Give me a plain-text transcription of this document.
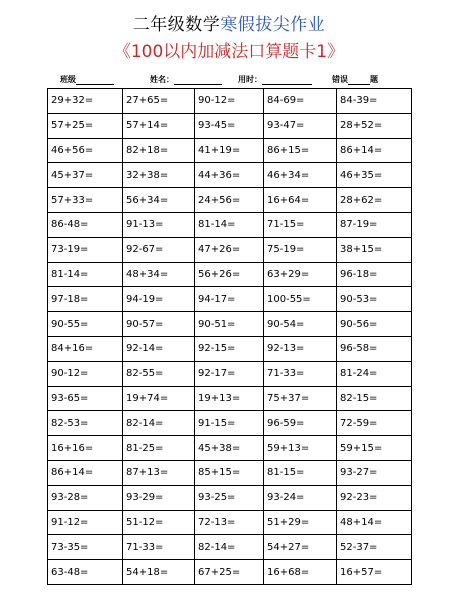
二年级数学寒假拔尖作业
《100以内加减法口算题卡1》
班级	姓名：	用时：	错误	题
29+32=	27+65=	90-12=	84-69=	84-39=
57+25=	57+14=	93-45=	93-47=	28+52=
46+56=	82+18=	41+19=	86+15=	86+14=
45+37=	32+38=	44+36=	46+34=	46+35=
57+33=	56+34=	24+56=	16+64=	28+62=
86-48=	91-13=	81-14=	71-15=	87-19=
73-19=	92-67=	47+26=	75-19=	38+15=
81-14=	48+34=	56+26=	63+29=	96-18=
97-18=	94-19=	94-17=	100-55=	90-53=
90-55=	90-57=	90-51=	90-54=	90-56=
84+16=	92-14=	92-15=	92-13=	96-58=
90-12=	82-55=	92-17=	71-33=	81-24=
93-65=	19+74=	19+13=	75+37=	82-15=
82-53=	82-14=	91-15=	96-59=	72-59=
16+16=	81-25=	45+38=	59+13=	59+15=
86+14=	87+13=	85+15=	81-15=	93-27=
93-28=	93-29=	93-25=	93-24=	92-23=
91-12=	51-12=	72-13=	51+29=	48+14=
73-35=	71-33=	82-14=	54+27=	52-37=
63-48=	54+18=	67+25=	16+68=	16+57=
